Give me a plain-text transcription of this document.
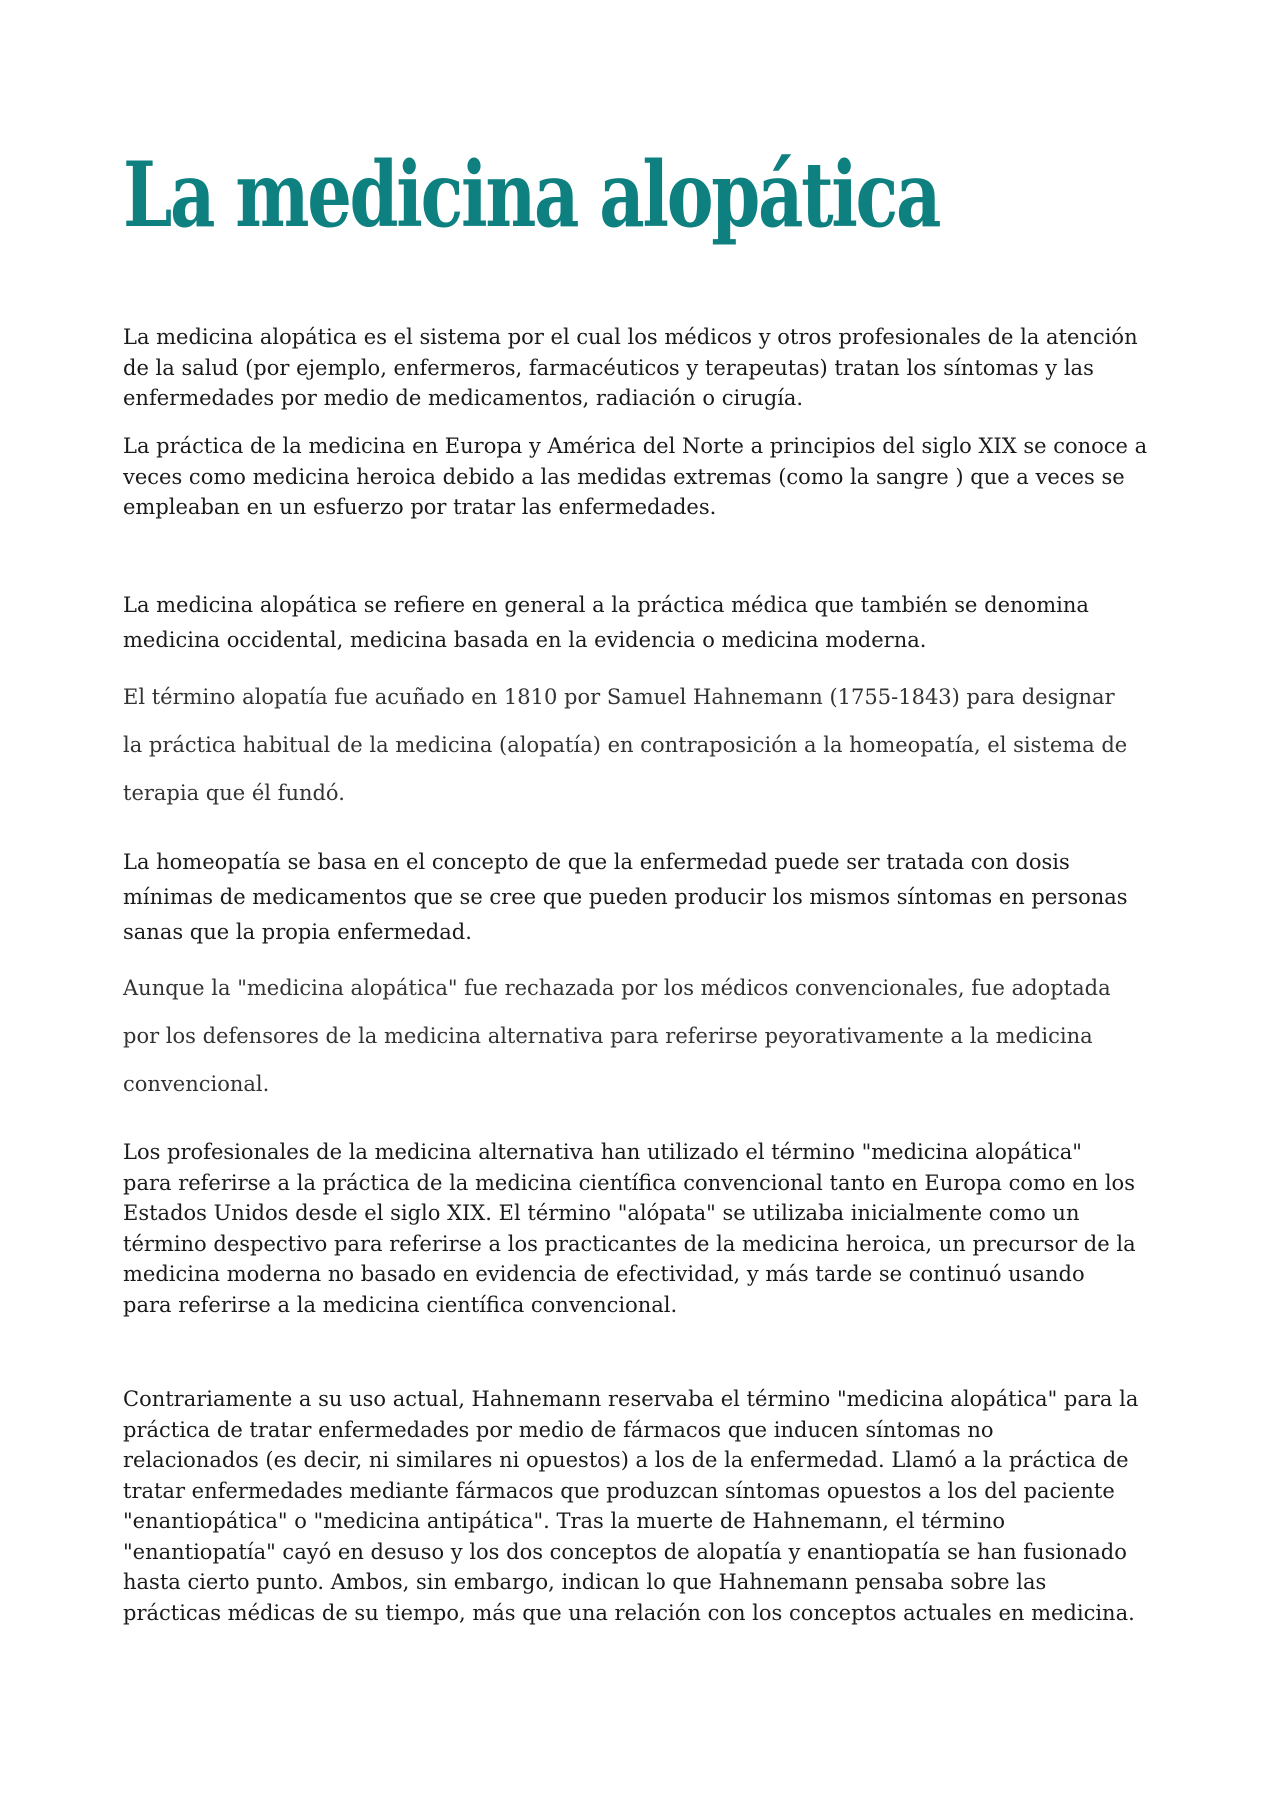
La medicina alopática

La medicina alopática es el sistema por el cual los médicos y otros profesionales de la atención
de la salud (por ejemplo, enfermeros, farmacéuticos y terapeutas) tratan los síntomas y las
enfermedades por medio de medicamentos, radiación o cirugía.

La práctica de la medicina en Europa y América del Norte a principios del siglo XIX se conoce a
veces como medicina heroica debido a las medidas extremas (como la sangre ) que a veces se
empleaban en un esfuerzo por tratar las enfermedades.

La medicina alopática se refiere en general a la práctica médica que también se denomina
medicina occidental, medicina basada en la evidencia o medicina moderna.

El término alopatía fue acuñado en 1810 por Samuel Hahnemann (1755-1843) para designar
la práctica habitual de la medicina (alopatía) en contraposición a la homeopatía, el sistema de
terapia que él fundó.

La homeopatía se basa en el concepto de que la enfermedad puede ser tratada con dosis
mínimas de medicamentos que se cree que pueden producir los mismos síntomas en personas
sanas que la propia enfermedad.

Aunque la "medicina alopática" fue rechazada por los médicos convencionales, fue adoptada
por los defensores de la medicina alternativa para referirse peyorativamente a la medicina
convencional.

Los profesionales de la medicina alternativa han utilizado el término "medicina alopática"
para referirse a la práctica de la medicina científica convencional tanto en Europa como en los
Estados Unidos desde el siglo XIX. El término "alópata" se utilizaba inicialmente como un
término despectivo para referirse a los practicantes de la medicina heroica, un precursor de la
medicina moderna no basado en evidencia de efectividad, y más tarde se continuó usando
para referirse a la medicina científica convencional.

Contrariamente a su uso actual, Hahnemann reservaba el término "medicina alopática" para la
práctica de tratar enfermedades por medio de fármacos que inducen síntomas no
relacionados (es decir, ni similares ni opuestos) a los de la enfermedad. Llamó a la práctica de
tratar enfermedades mediante fármacos que produzcan síntomas opuestos a los del paciente
"enantiopática" o "medicina antipática". Tras la muerte de Hahnemann, el término
"enantiopatía" cayó en desuso y los dos conceptos de alopatía y enantiopatía se han fusionado
hasta cierto punto. Ambos, sin embargo, indican lo que Hahnemann pensaba sobre las
prácticas médicas de su tiempo, más que una relación con los conceptos actuales en medicina.
